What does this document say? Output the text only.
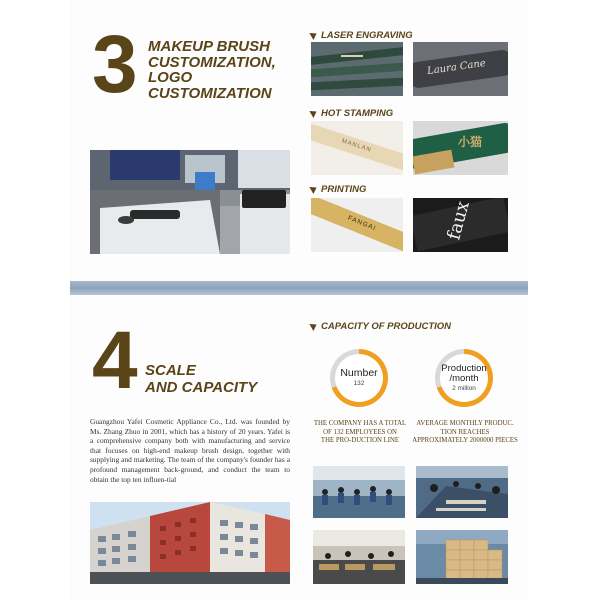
3 MAKEUP BRUSH
CUSTOMIZATION,
LOGO
CUSTOMIZATION
LASER ENGRAVING
HOT STAMPING
PRINTING
Laura Cane
MANLAN	小猫
FANGAI	faux
4 SCALE
AND CAPACITY
CAPACITY OF PRODUCTION
Number
132
Production
/month
2 million
THE COMPANY HAS A TOTAL
OF 132 EMPLOYEES ON
THE PRO-DUCTION LINE
AVERAGE MONTHLY PRODUC.
TION REACHES
APPROXIMATELY 2000000 PIECES
Guangzhou Yafei Cosmetic Appliance Co., Ltd. was founded by Ms. Zhang Zhuo in 2001, which has a history of 20 years. Yafei is a comprehensive company both with manufacturing and service that focuses on high-end makeup brush design, together with supplying and marketing. The team of the company's founder has a profound management back-ground, and conduct the team to obtain the top ten influen-tial
